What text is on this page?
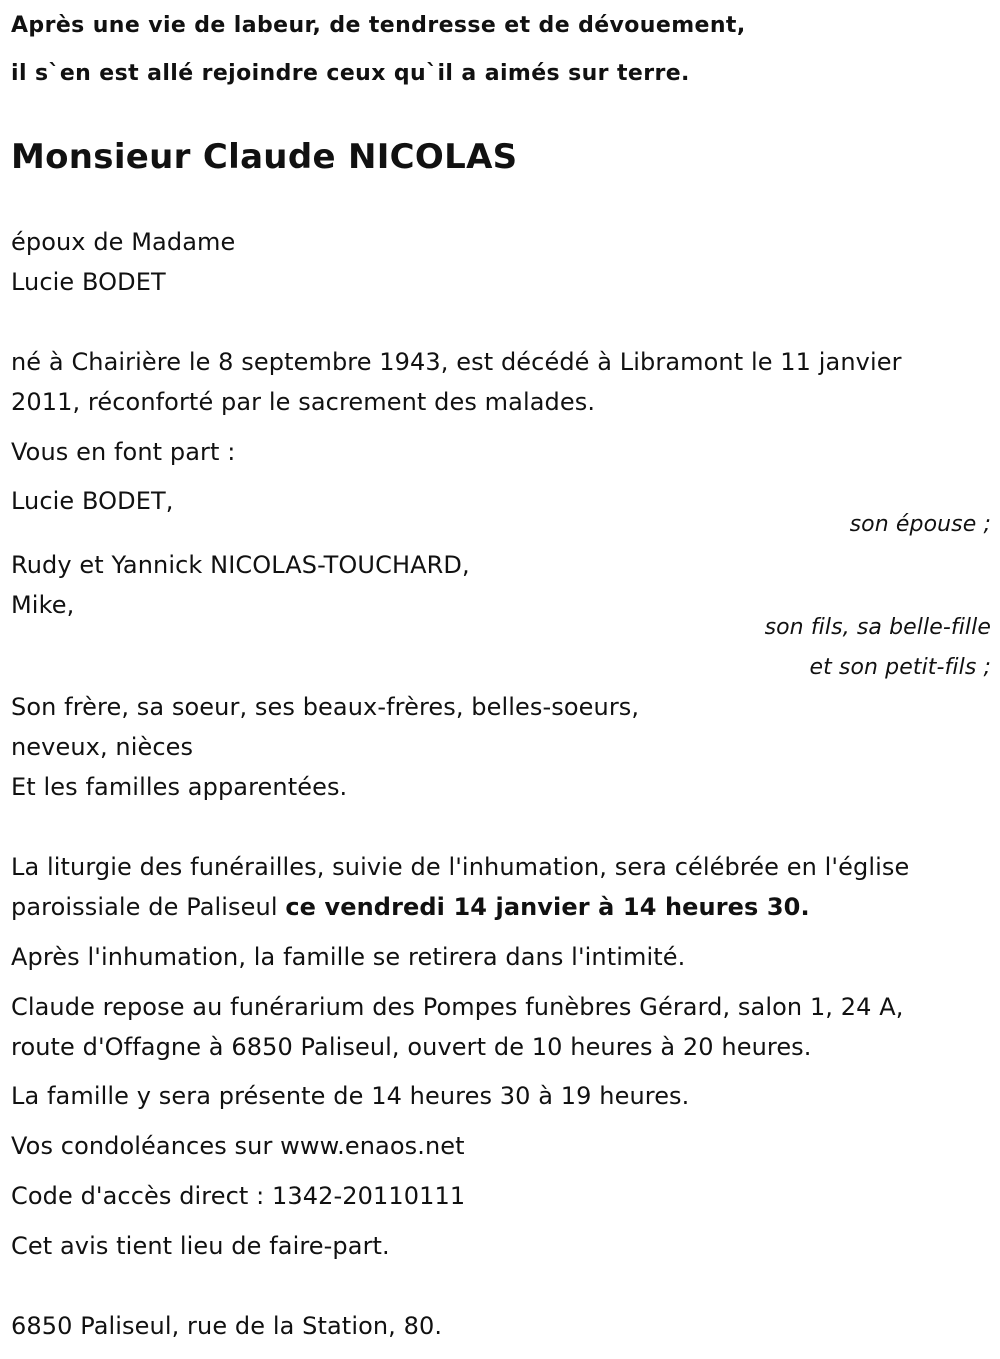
Après une vie de labeur, de tendresse et de dévouement,
il s`en est allé rejoindre ceux qu`il a aimés sur terre.
Monsieur Claude NICOLAS
époux de Madame
Lucie BODET
né à Chairière le 8 septembre 1943, est décédé à Libramont le 11 janvier
2011, réconforté par le sacrement des malades.
Vous en font part :
Lucie BODET,
son épouse ;
Rudy et Yannick NICOLAS-TOUCHARD,
Mike,
son fils, sa belle-fille
et son petit-fils ;
Son frère, sa soeur, ses beaux-frères, belles-soeurs,
neveux, nièces
Et les familles apparentées.
La liturgie des funérailles, suivie de l'inhumation, sera célébrée en l'église
paroissiale de Paliseul ce vendredi 14 janvier à 14 heures 30.
Après l'inhumation, la famille se retirera dans l'intimité.
Claude repose au funérarium des Pompes funèbres Gérard, salon 1, 24 A,
route d'Offagne à 6850 Paliseul, ouvert de 10 heures à 20 heures.
La famille y sera présente de 14 heures 30 à 19 heures.
Vos condoléances sur www.enaos.net
Code d'accès direct : 1342-20110111
Cet avis tient lieu de faire-part.
6850 Paliseul, rue de la Station, 80.
